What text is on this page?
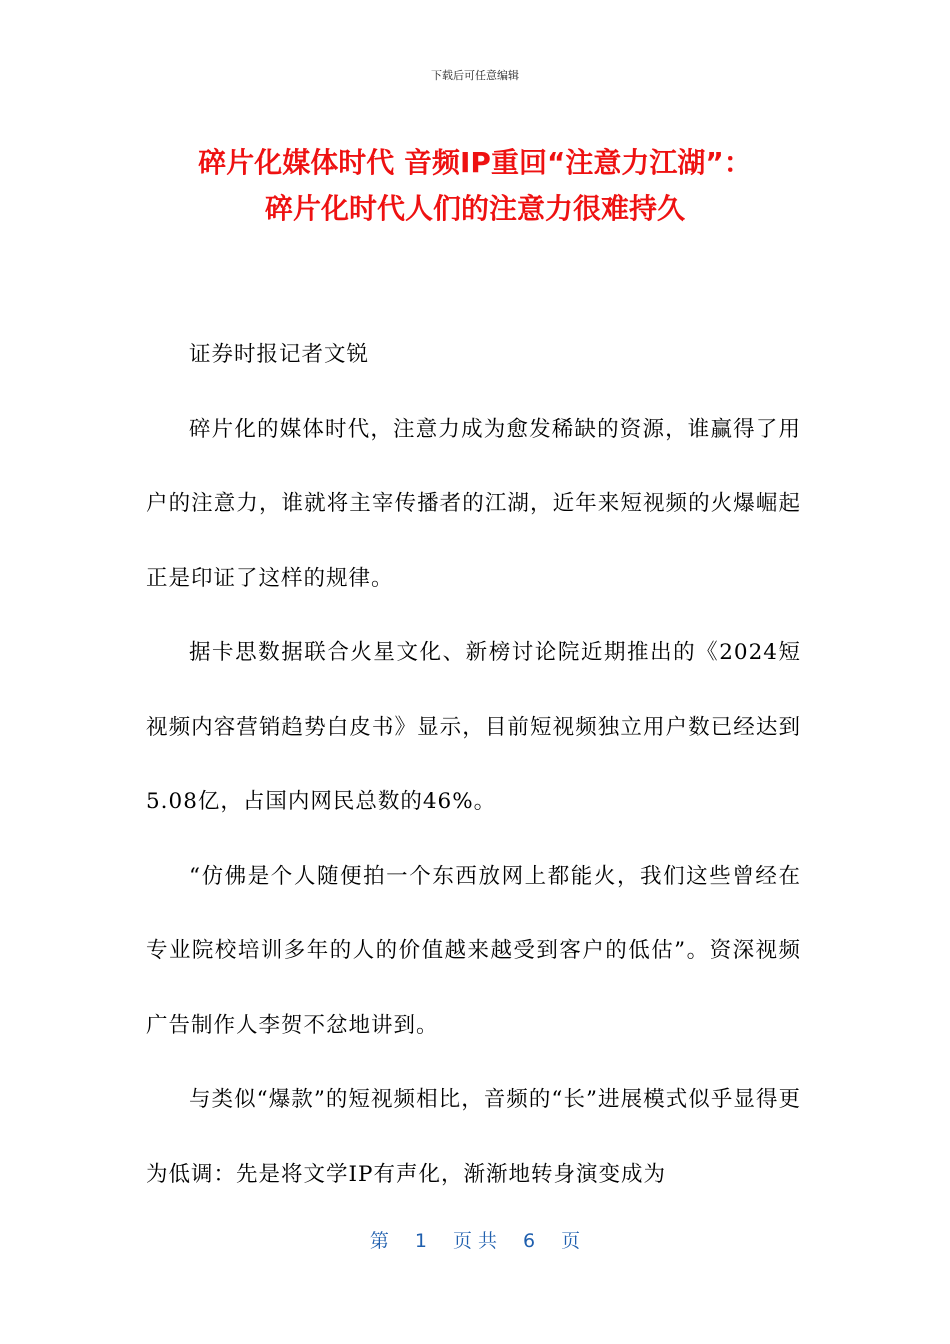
下载后可任意编辑
碎片化媒体时代 音频IP重回“注意力江湖”：
碎片化时代人们的注意力很难持久

证券时报记者文锐

碎片化的媒体时代，注意力成为愈发稀缺的资源，谁赢得了用户的注意力，谁就将主宰传播者的江湖，近年来短视频的火爆崛起正是印证了这样的规律。

据卡思数据联合火星文化、新榜讨论院近期推出的《2024短视频内容营销趋势白皮书》显示，目前短视频独立用户数已经达到5.08亿，占国内网民总数的46%。

“仿佛是个人随便拍一个东西放网上都能火，我们这些曾经在专业院校培训多年的人的价值越来越受到客户的低估”。资深视频广告制作人李贺不忿地讲到。

与类似“爆款”的短视频相比，音频的“长”进展模式似乎显得更为低调：先是将文学IP有声化，渐渐地转身演变成为

第 1 页 共 6 页
